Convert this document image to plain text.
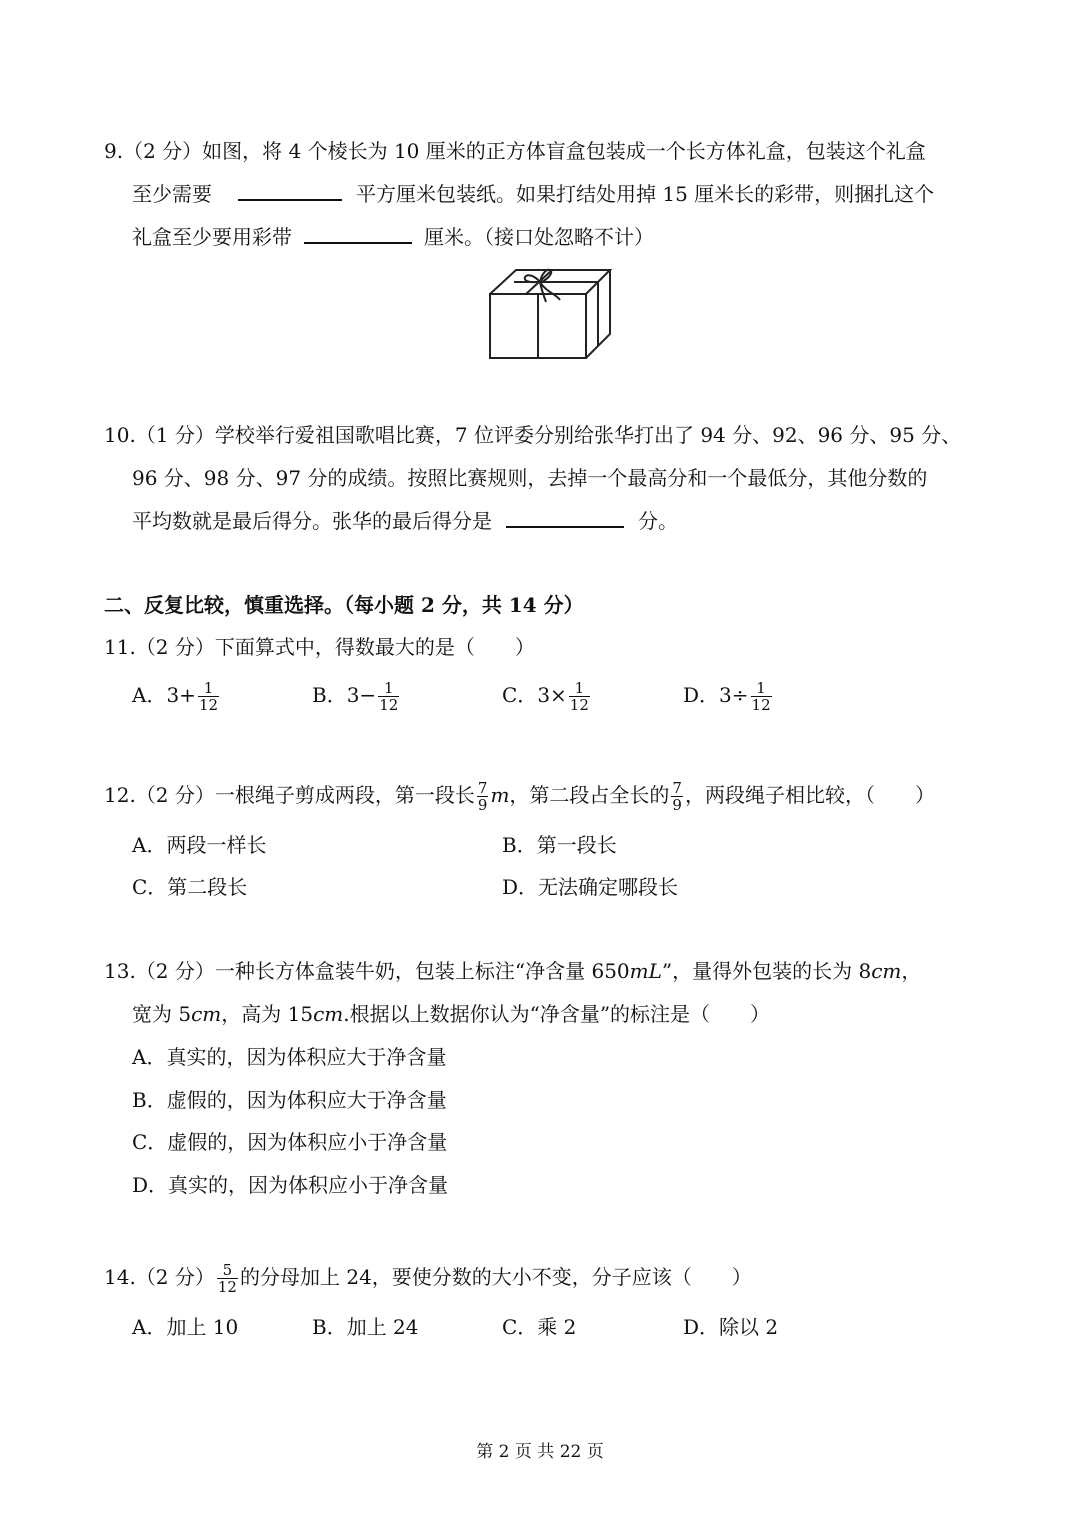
9.（2 分）如图，将 4 个棱长为 10 厘米的正方体盲盒包装成一个长方体礼盒，包装这个礼盒
至少需要	平方厘米包装纸。如果打结处用掉 15 厘米长的彩带，则捆扎这个
礼盒至少要用彩带	厘米。（接口处忽略不计）
10.（1 分）学校举行爱祖国歌唱比赛，7 位评委分别给张华打出了 94 分、92、96 分、95 分、
96 分、98 分、97 分的成绩。按照比赛规则，去掉一个最高分和一个最低分，其他分数的
平均数就是最后得分。张华的最后得分是	分。
二、反复比较，慎重选择。（每小题 2 分，共 14 分）
11.（2 分）下面算式中，得数最大的是（　　）
A．$3+ \frac{1}{12}$	B．$3- \frac{1}{12}$	C．$3\times \frac{1}{12}$	D．$3\div \frac{1}{12}$
12.（2 分）一根绳子剪成两段，第一段长 $\frac{7}{9}$ m，第二段占全长的 $\frac{7}{9}$ ，两段绳子相比较，（　　）
A．两段一样长	B．第一段长
C．第二段长	D．无法确定哪段长
13.（2 分）一种长方体盒装牛奶，包装上标注“净含量 650mL”，量得外包装的长为 8cm，
宽为 5cm，高为 15cm.根据以上数据你认为“净含量”的标注是（　　）
A．真实的，因为体积应大于净含量
B．虚假的，因为体积应大于净含量
C．虚假的，因为体积应小于净含量
D．真实的，因为体积应小于净含量
14.（2 分） $\frac{5}{12}$ 的分母加上 24，要使分数的大小不变，分子应该（　　）
A．加上 10	B．加上 24	C．乘 2	D．除以 2
第 2 页 共 22 页
